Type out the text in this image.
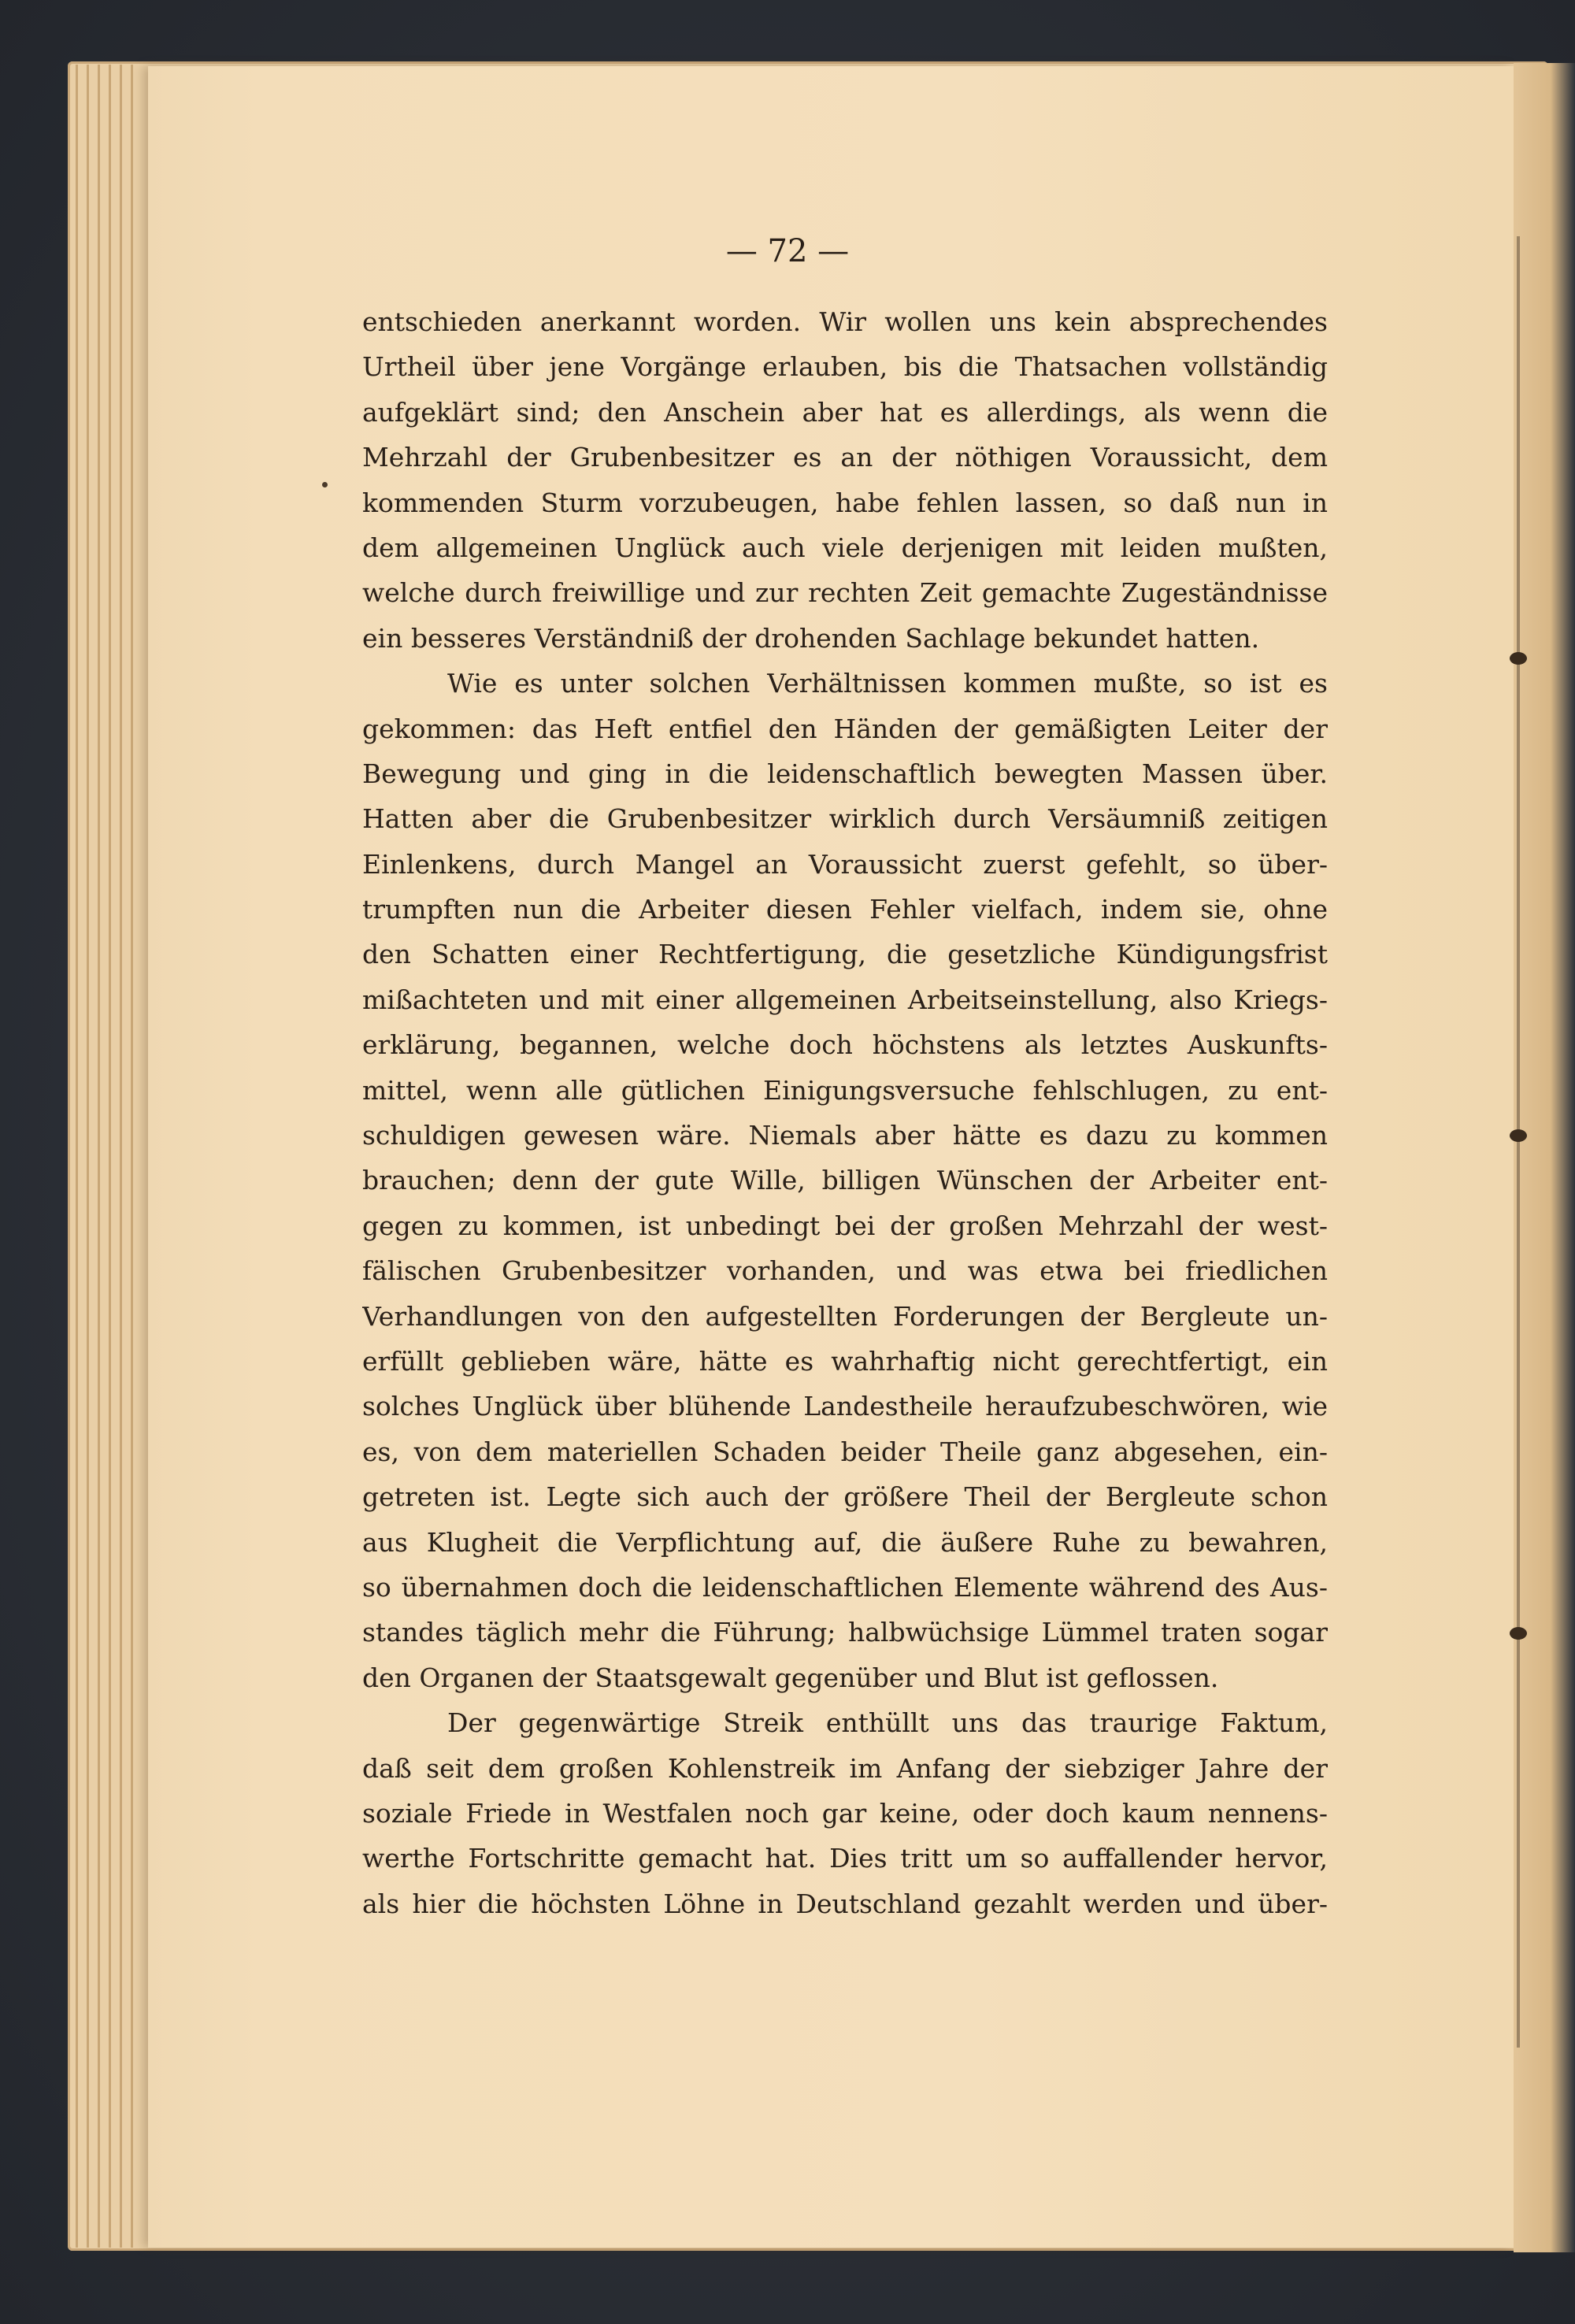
— 72 —
entschieden anerkannt worden. Wir wollen uns kein absprechendes
Urtheil über jene Vorgänge erlauben, bis die Thatsachen vollständig
aufgeklärt sind; den Anschein aber hat es allerdings, als wenn die
Mehrzahl der Grubenbesitzer es an der nöthigen Voraussicht, dem
kommenden Sturm vorzubeugen, habe fehlen lassen, so daß nun in
dem allgemeinen Unglück auch viele derjenigen mit leiden mußten,
welche durch freiwillige und zur rechten Zeit gemachte Zugeständnisse
ein besseres Verständniß der drohenden Sachlage bekundet hatten.
Wie es unter solchen Verhältnissen kommen mußte, so ist es
gekommen: das Heft entfiel den Händen der gemäßigten Leiter der
Bewegung und ging in die leidenschaftlich bewegten Massen über.
Hatten aber die Grubenbesitzer wirklich durch Versäumniß zeitigen
Einlenkens, durch Mangel an Voraussicht zuerst gefehlt, so über-
trumpften nun die Arbeiter diesen Fehler vielfach, indem sie, ohne
den Schatten einer Rechtfertigung, die gesetzliche Kündigungsfrist
mißachteten und mit einer allgemeinen Arbeitseinstellung, also Kriegs-
erklärung, begannen, welche doch höchstens als letztes Auskunfts-
mittel, wenn alle gütlichen Einigungsversuche fehlschlugen, zu ent-
schuldigen gewesen wäre. Niemals aber hätte es dazu zu kommen
brauchen; denn der gute Wille, billigen Wünschen der Arbeiter ent-
gegen zu kommen, ist unbedingt bei der großen Mehrzahl der west-
fälischen Grubenbesitzer vorhanden, und was etwa bei friedlichen
Verhandlungen von den aufgestellten Forderungen der Bergleute un-
erfüllt geblieben wäre, hätte es wahrhaftig nicht gerechtfertigt, ein
solches Unglück über blühende Landestheile heraufzubeschwören, wie
es, von dem materiellen Schaden beider Theile ganz abgesehen, ein-
getreten ist. Legte sich auch der größere Theil der Bergleute schon
aus Klugheit die Verpflichtung auf, die äußere Ruhe zu bewahren,
so übernahmen doch die leidenschaftlichen Elemente während des Aus-
standes täglich mehr die Führung; halbwüchsige Lümmel traten sogar
den Organen der Staatsgewalt gegenüber und Blut ist geflossen.
Der gegenwärtige Streik enthüllt uns das traurige Faktum,
daß seit dem großen Kohlenstreik im Anfang der siebziger Jahre der
soziale Friede in Westfalen noch gar keine, oder doch kaum nennens-
werthe Fortschritte gemacht hat. Dies tritt um so auffallender hervor,
als hier die höchsten Löhne in Deutschland gezahlt werden und über-
